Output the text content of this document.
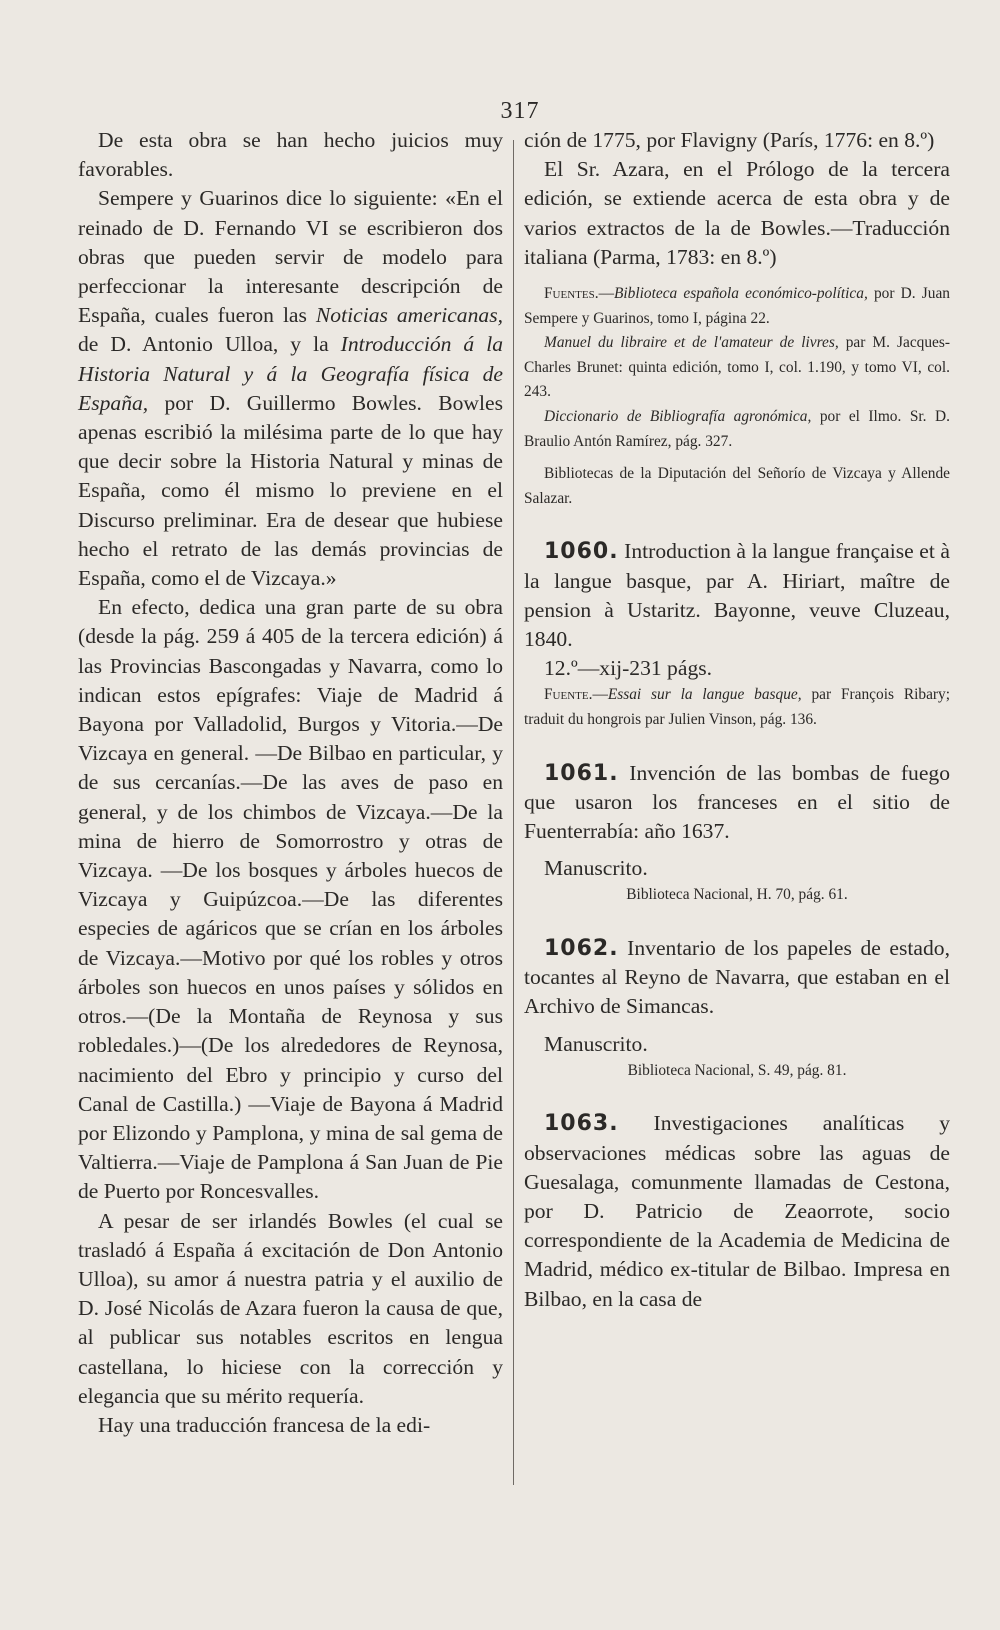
317

De esta obra se han hecho juicios muy favorables.

Sempere y Guarinos dice lo siguiente: «En el reinado de D. Fernando VI se escribieron dos obras que pueden servir de modelo para perfeccionar la interesante descripción de España, cuales fueron las Noticias americanas, de D. Antonio Ulloa, y la Introducción á la Historia Natural y á la Geografía física de España, por D. Guillermo Bowles. Bowles apenas escribió la milésima parte de lo que hay que decir sobre la Historia Natural y minas de España, como él mismo lo previene en el Discurso preliminar. Era de desear que hubiese hecho el retrato de las demás provincias de España, como el de Vizcaya.»

En efecto, dedica una gran parte de su obra (desde la pág. 259 á 405 de la tercera edición) á las Provincias Bascongadas y Navarra, como lo indican estos epígrafes: Viaje de Madrid á Bayona por Valladolid, Burgos y Vitoria.—De Vizcaya en general. —De Bilbao en particular, y de sus cercanías.—De las aves de paso en general, y de los chimbos de Vizcaya.—De la mina de hierro de Somorrostro y otras de Vizcaya. —De los bosques y árboles huecos de Vizcaya y Guipúzcoa.—De las diferentes especies de agáricos que se crían en los árboles de Vizcaya.—Motivo por qué los robles y otros árboles son huecos en unos países y sólidos en otros.—(De la Montaña de Reynosa y sus robledales.)—(De los alrededores de Reynosa, nacimiento del Ebro y principio y curso del Canal de Castilla.) —Viaje de Bayona á Madrid por Elizondo y Pamplona, y mina de sal gema de Valtierra.—Viaje de Pamplona á San Juan de Pie de Puerto por Roncesvalles.

A pesar de ser irlandés Bowles (el cual se trasladó á España á excitación de Don Antonio Ulloa), su amor á nuestra patria y el auxilio de D. José Nicolás de Azara fueron la causa de que, al publicar sus notables escritos en lengua castellana, lo hiciese con la corrección y elegancia que su mérito requería.

Hay una traducción francesa de la edi-

ción de 1775, por Flavigny (París, 1776: en 8.º)

El Sr. Azara, en el Prólogo de la tercera edición, se extiende acerca de esta obra y de varios extractos de la de Bowles.—Traducción italiana (Parma, 1783: en 8.º)

Fuentes.—Biblioteca española económico-política, por D. Juan Sempere y Guarinos, tomo I, página 22.

Manuel du libraire et de l'amateur de livres, par M. Jacques-Charles Brunet: quinta edición, tomo I, col. 1.190, y tomo VI, col. 243.

Diccionario de Bibliografía agronómica, por el Ilmo. Sr. D. Braulio Antón Ramírez, pág. 327.

Bibliotecas de la Diputación del Señorío de Vizcaya y Allende Salazar.

1060. Introduction à la langue française et à la langue basque, par A. Hiriart, maître de pension à Ustaritz. Bayonne, veuve Cluzeau, 1840.

12.º—xij-231 págs.

Fuente.—Essai sur la langue basque, par François Ribary; traduit du hongrois par Julien Vinson, pág. 136.

1061. Invención de las bombas de fuego que usaron los franceses en el sitio de Fuenterrabía: año 1637.

Manuscrito.

Biblioteca Nacional, H. 70, pág. 61.

1062. Inventario de los papeles de estado, tocantes al Reyno de Navarra, que estaban en el Archivo de Simancas.

Manuscrito.

Biblioteca Nacional, S. 49, pág. 81.

1063. Investigaciones analíticas y observaciones médicas sobre las aguas de Guesalaga, comunmente llamadas de Cestona, por D. Patricio de Zeaorrote, socio correspondiente de la Academia de Medicina de Madrid, médico ex-titular de Bilbao. Impresa en Bilbao, en la casa de
